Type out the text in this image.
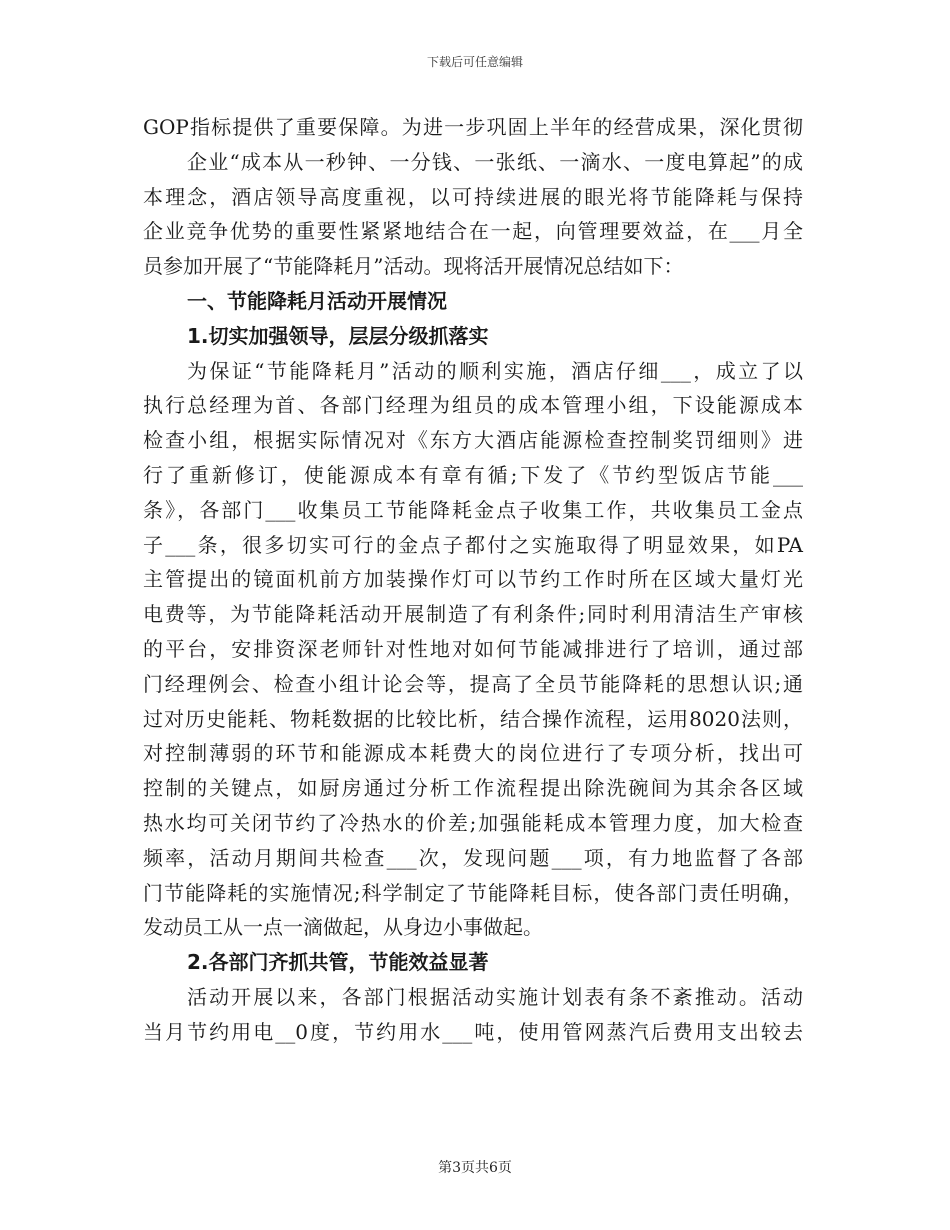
下载后可任意编辑
GOP指标提供了重要保障。为进一步巩固上半年的经营成果，深化贯彻
企业“成本从一秒钟、一分钱、一张纸、一滴水、一度电算起”的成
本理念，酒店领导高度重视，以可持续进展的眼光将节能降耗与保持
企业竞争优势的重要性紧紧地结合在一起，向管理要效益，在___月全
员参加开展了“节能降耗月”活动。现将活开展情况总结如下：
一、节能降耗月活动开展情况
1.切实加强领导，层层分级抓落实
为保证“节能降耗月”活动的顺利实施，酒店仔细___，成立了以
执行总经理为首、各部门经理为组员的成本管理小组，下设能源成本
检查小组，根据实际情况对《东方大酒店能源检查控制奖罚细则》进
行了重新修订，使能源成本有章有循;下发了《节约型饭店节能___
条》，各部门___收集员工节能降耗金点子收集工作，共收集员工金点
子___条，很多切实可行的金点子都付之实施取得了明显效果，如PA
主管提出的镜面机前方加装操作灯可以节约工作时所在区域大量灯光
电费等，为节能降耗活动开展制造了有利条件;同时利用清洁生产审核
的平台，安排资深老师针对性地对如何节能减排进行了培训，通过部
门经理例会、检查小组计论会等，提高了全员节能降耗的思想认识;通
过对历史能耗、物耗数据的比较比析，结合操作流程，运用8020法则，
对控制薄弱的环节和能源成本耗费大的岗位进行了专项分析，找出可
控制的关键点，如厨房通过分析工作流程提出除洗碗间为其余各区域
热水均可关闭节约了冷热水的价差;加强能耗成本管理力度，加大检查
频率，活动月期间共检查___次，发现问题___项，有力地监督了各部
门节能降耗的实施情况;科学制定了节能降耗目标，使各部门责任明确，
发动员工从一点一滴做起，从身边小事做起。
2.各部门齐抓共管，节能效益显著
活动开展以来，各部门根据活动实施计划表有条不紊推动。活动
当月节约用电__0度，节约用水___吨，使用管网蒸汽后费用支出较去
第3页共6页
